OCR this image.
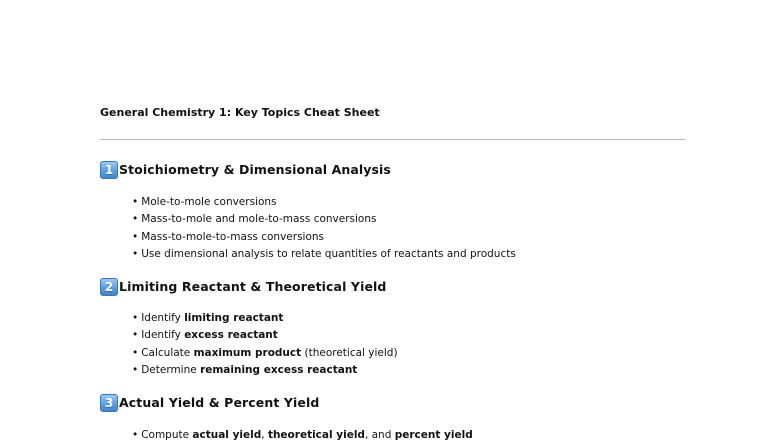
General Chemistry 1: Key Topics Cheat Sheet

1 Stoichiometry & Dimensional Analysis
• Mole-to-mole conversions
• Mass-to-mole and mole-to-mass conversions
• Mass-to-mole-to-mass conversions
• Use dimensional analysis to relate quantities of reactants and products
2 Limiting Reactant & Theoretical Yield
• Identify limiting reactant
• Identify excess reactant
• Calculate maximum product (theoretical yield)
• Determine remaining excess reactant
3 Actual Yield & Percent Yield
• Compute actual yield, theoretical yield, and percent yield
